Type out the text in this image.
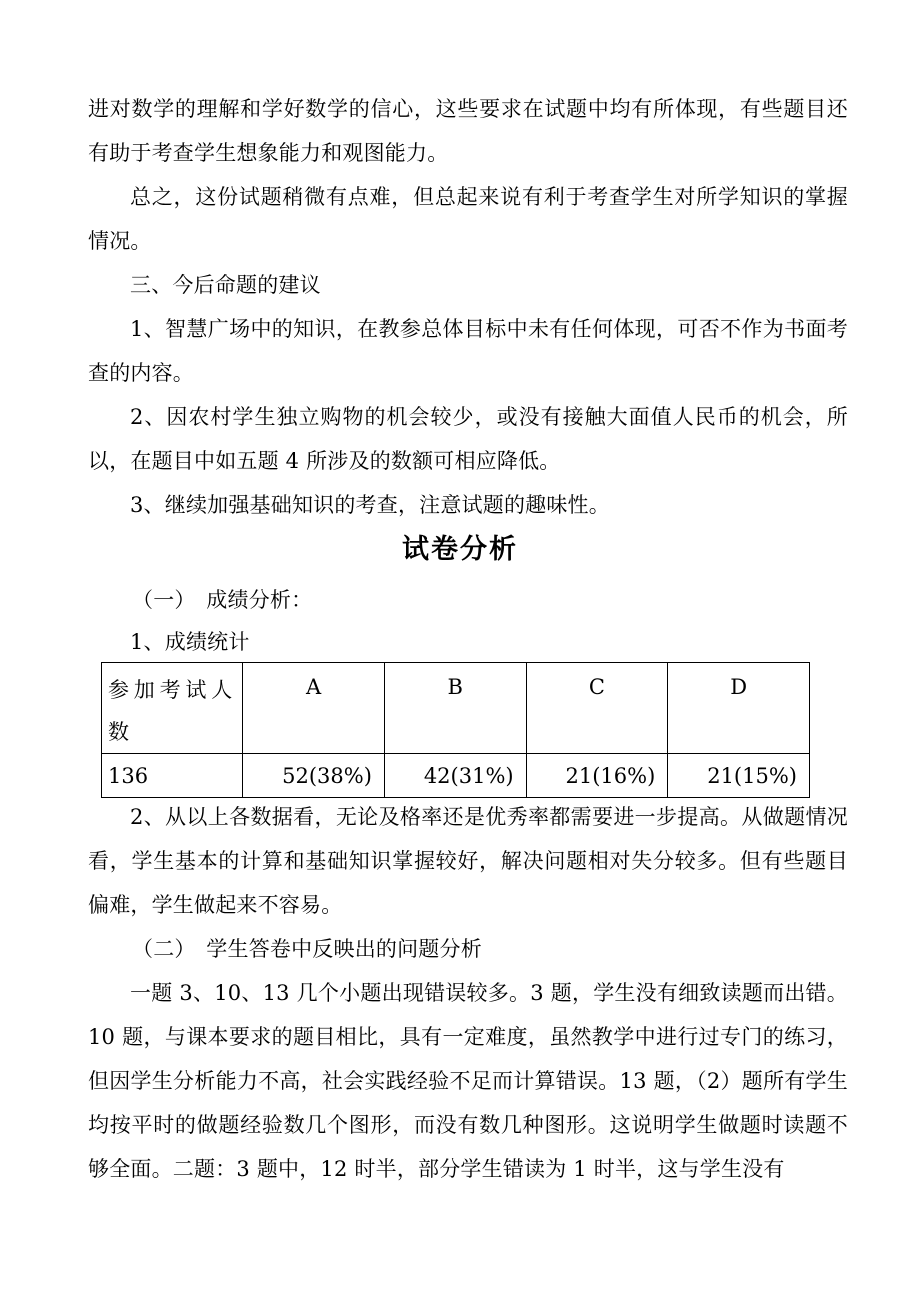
进对数学的理解和学好数学的信心，这些要求在试题中均有所体现，有些题目还有助于考查学生想象能力和观图能力。

总之，这份试题稍微有点难，但总起来说有利于考查学生对所学知识的掌握情况。

三、今后命题的建议

1、智慧广场中的知识，在教参总体目标中未有任何体现，可否不作为书面考查的内容。

2、因农村学生独立购物的机会较少，或没有接触大面值人民币的机会，所以，在题目中如五题 4 所涉及的数额可相应降低。

3、继续加强基础知识的考查，注意试题的趣味性。

试卷分析

（一）　成绩分析：

1、成绩统计

参加考试人数	A	B	C	D

136	52(38%)	42(31%)	21(16%)	21(15%)

2、从以上各数据看，无论及格率还是优秀率都需要进一步提高。从做题情况看，学生基本的计算和基础知识掌握较好，解决问题相对失分较多。但有些题目偏难，学生做起来不容易。

（二）　学生答卷中反映出的问题分析

一题 3、10、13 几个小题出现错误较多。3 题，学生没有细致读题而出错。10 题，与课本要求的题目相比，具有一定难度，虽然教学中进行过专门的练习，但因学生分析能力不高，社会实践经验不足而计算错误。13 题，（2）题所有学生均按平时的做题经验数几个图形，而没有数几种图形。这说明学生做题时读题不够全面。二题：3 题中，12 时半，部分学生错读为 1 时半，这与学生没有
